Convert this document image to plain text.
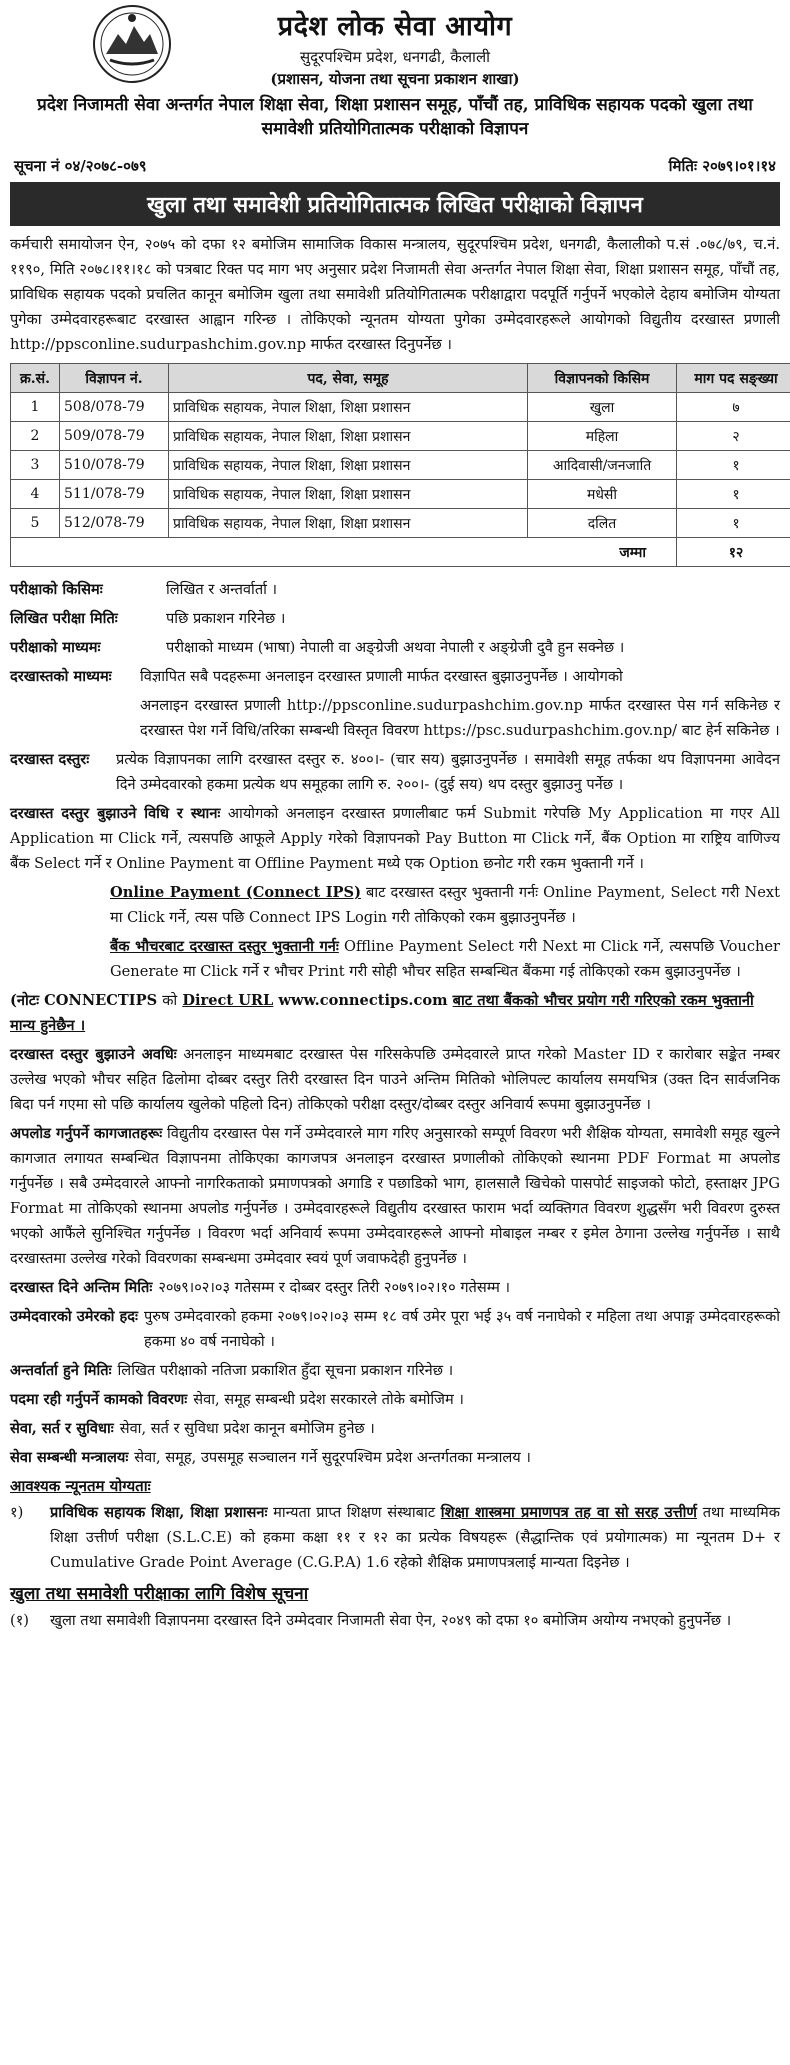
प्रदेश लोक सेवा आयोग
सुदूरपश्चिम प्रदेश, धनगढी, कैलाली
(प्रशासन, योजना तथा सूचना प्रकाशन शाखा)
प्रदेश निजामती सेवा अन्तर्गत नेपाल शिक्षा सेवा, शिक्षा प्रशासन समूह, पाँचौं तह, प्राविधिक सहायक पदको खुला तथा समावेशी प्रतियोगितात्मक परीक्षाको विज्ञापन
सूचना नं ०४/२०७८-०७९	मितिः २०७९।०१।१४
खुला तथा समावेशी प्रतियोगितात्मक लिखित परीक्षाको विज्ञापन

कर्मचारी समायोजन ऐन, २०७५ को दफा १२ बमोजिम सामाजिक विकास मन्त्रालय, सुदूरपश्चिम प्रदेश, धनगढी, कैलालीको प.सं .०७८/७९, च.नं. ११९०, मिति २०७८।११।१८ को पत्रबाट रिक्त पद माग भए अनुसार प्रदेश निजामती सेवा अन्तर्गत नेपाल शिक्षा सेवा, शिक्षा प्रशासन समूह, पाँचौं तह, प्राविधिक सहायक पदको प्रचलित कानून बमोजिम खुला तथा समावेशी प्रतियोगितात्मक परीक्षाद्वारा पदपूर्ति गर्नुपर्ने भएकोले देहाय बमोजिम योग्यता पुगेका उम्मेदवारहरूबाट दरखास्त आह्वान गरिन्छ । तोकिएको न्यूनतम योग्यता पुगेका उम्मेदवारहरूले आयोगको विद्युतीय दरखास्त प्रणाली http://ppsconline.sudurpashchim.gov.np मार्फत दरखास्त दिनुपर्नेछ ।

क्र.सं.	विज्ञापन नं.	पद, सेवा, समूह	विज्ञापनको किसिम	माग पद सङ्ख्या
1	508/078-79	प्राविधिक सहायक, नेपाल शिक्षा, शिक्षा प्रशासन	खुला	७
2	509/078-79	प्राविधिक सहायक, नेपाल शिक्षा, शिक्षा प्रशासन	महिला	२
3	510/078-79	प्राविधिक सहायक, नेपाल शिक्षा, शिक्षा प्रशासन	आदिवासी/जनजाति	१
4	511/078-79	प्राविधिक सहायक, नेपाल शिक्षा, शिक्षा प्रशासन	मधेसी	१
5	512/078-79	प्राविधिक सहायक, नेपाल शिक्षा, शिक्षा प्रशासन	दलित	१
जम्मा				१२
परीक्षाको किसिमः	लिखित र अन्तर्वार्ता ।
लिखित परीक्षा मितिः	पछि प्रकाशन गरिनेछ ।
परीक्षाको माध्यमः	परीक्षाको माध्यम (भाषा) नेपाली वा अङ्ग्रेजी अथवा नेपाली र अङ्ग्रेजी दुवै हुन सक्नेछ ।
दरखास्तको माध्यमः	विज्ञापित सबै पदहरूमा अनलाइन दरखास्त प्रणाली मार्फत दरखास्त बुझाउनुपर्नेछ । आयोगको
अनलाइन दरखास्त प्रणाली http://ppsconline.sudurpashchim.gov.np मार्फत दरखास्त पेस गर्न सकिनेछ र दरखास्त पेश गर्ने विधि/तरिका सम्बन्धी विस्तृत विवरण https://psc.sudurpashchim.gov.np/ बाट हेर्न सकिनेछ ।
दरखास्त दस्तुरः	प्रत्येक विज्ञापनका लागि दरखास्त दस्तुर रु. ४००।- (चार सय) बुझाउनुपर्नेछ । समावेशी समूह तर्फका थप विज्ञापनमा आवेदन दिने उम्मेदवारको हकमा प्रत्येक थप समूहका लागि रु. २००।- (दुई सय) थप दस्तुर बुझाउनु पर्नेछ ।
दरखास्त दस्तुर बुझाउने विधि र स्थानः आयोगको अनलाइन दरखास्त प्रणालीबाट फर्म Submit गरेपछि My Application मा गएर All Application मा Click गर्ने, त्यसपछि आफूले Apply गरेको विज्ञापनको Pay Button मा Click गर्ने, बैंक Option मा राष्ट्रिय वाणिज्य बैंक Select गर्ने र Online Payment वा Offline Payment मध्ये एक Option छनोट गरी रकम भुक्तानी गर्ने ।
Online Payment (Connect IPS) बाट दरखास्त दस्तुर भुक्तानी गर्नः Online Payment, Select गरी Next मा Click गर्ने, त्यस पछि Connect IPS Login गरी तोकिएको रकम बुझाउनुपर्नेछ ।
बैंक भौचरबाट दरखास्त दस्तुर भुक्तानी गर्नः Offline Payment Select गरी Next मा Click गर्ने, त्यसपछि Voucher Generate मा Click गर्ने र भौचर Print गरी सोही भौचर सहित सम्बन्धित बैंकमा गई तोकिएको रकम बुझाउनुपर्नेछ ।
(नोटः CONNECTIPS को Direct URL www.connectips.com बाट तथा बैंकको भौचर प्रयोग गरी गरिएको रकम भुक्तानी मान्य हुनेछैन ।
दरखास्त दस्तुर बुझाउने अवधिः अनलाइन माध्यमबाट दरखास्त पेस गरिसकेपछि उम्मेदवारले प्राप्त गरेको Master ID र कारोबार सङ्केत नम्बर उल्लेख भएको भौचर सहित ढिलोमा दोब्बर दस्तुर तिरी दरखास्त दिन पाउने अन्तिम मितिको भोलिपल्ट कार्यालय समयभित्र (उक्त दिन सार्वजनिक बिदा पर्न गएमा सो पछि कार्यालय खुलेको पहिलो दिन) तोकिएको परीक्षा दस्तुर/दोब्बर दस्तुर अनिवार्य रूपमा बुझाउनुपर्नेछ ।
अपलोड गर्नुपर्ने कागजातहरूः विद्युतीय दरखास्त पेस गर्ने उम्मेदवारले माग गरिए अनुसारको सम्पूर्ण विवरण भरी शैक्षिक योग्यता, समावेशी समूह खुल्ने कागजात लगायत सम्बन्धित विज्ञापनमा तोकिएका कागजपत्र अनलाइन दरखास्त प्रणालीको तोकिएको स्थानमा PDF Format मा अपलोड गर्नुपर्नेछ । सबै उम्मेदवारले आफ्नो नागरिकताको प्रमाणपत्रको अगाडि र पछाडिको भाग, हालसालै खिचेको पासपोर्ट साइजको फोटो, हस्ताक्षर JPG Format मा तोकिएको स्थानमा अपलोड गर्नुपर्नेछ । उम्मेदवारहरूले विद्युतीय दरखास्त फाराम भर्दा व्यक्तिगत विवरण शुद्धसँग भरी विवरण दुरुस्त भएको आफैंले सुनिश्चित गर्नुपर्नेछ । विवरण भर्दा अनिवार्य रूपमा उम्मेदवारहरूले आफ्नो मोबाइल नम्बर र इमेल ठेगाना उल्लेख गर्नुपर्नेछ । साथै दरखास्तमा उल्लेख गरेको विवरणका सम्बन्धमा उम्मेदवार स्वयं पूर्ण जवाफदेही हुनुपर्नेछ ।
दरखास्त दिने अन्तिम मितिः २०७९।०२।०३ गतेसम्म र दोब्बर दस्तुर तिरी २०७९।०२।१० गतेसम्म ।
उम्मेदवारको उमेरको हदः पुरुष उम्मेदवारको हकमा २०७९।०२।०३ सम्म १८ वर्ष उमेर पूरा भई ३५ वर्ष ननाघेको र महिला तथा अपाङ्ग उम्मेदवारहरूको हकमा ४० वर्ष ननाघेको ।
अन्तर्वार्ता हुने मितिः लिखित परीक्षाको नतिजा प्रकाशित हुँदा सूचना प्रकाशन गरिनेछ ।
पदमा रही गर्नुपर्ने कामको विवरणः सेवा, समूह सम्बन्धी प्रदेश सरकारले तोके बमोजिम ।
सेवा, सर्त र सुविधाः सेवा, सर्त र सुविधा प्रदेश कानून बमोजिम हुनेछ ।
सेवा सम्बन्धी मन्त्रालयः सेवा, समूह, उपसमूह सञ्चालन गर्ने सुदूरपश्चिम प्रदेश अन्तर्गतका मन्त्रालय ।
आवश्यक न्यूनतम योग्यताः
१)	प्राविधिक सहायक शिक्षा, शिक्षा प्रशासनः मान्यता प्राप्त शिक्षण संस्थाबाट शिक्षा शास्त्रमा प्रमाणपत्र तह वा सो सरह उत्तीर्ण तथा माध्यमिक शिक्षा उत्तीर्ण परीक्षा (S.L.C.E) को हकमा कक्षा ११ र १२ का प्रत्येक विषयहरू (सैद्धान्तिक एवं प्रयोगात्मक) मा न्यूनतम D+ र Cumulative Grade Point Average (C.G.P.A) 1.6 रहेको शैक्षिक प्रमाणपत्रलाई मान्यता दिइनेछ ।
खुला तथा समावेशी परीक्षाका लागि विशेष सूचना
(१)	खुला तथा समावेशी विज्ञापनमा दरखास्त दिने उम्मेदवार निजामती सेवा ऐन, २०४९ को दफा १० बमोजिम अयोग्य नभएको हुनुपर्नेछ ।
